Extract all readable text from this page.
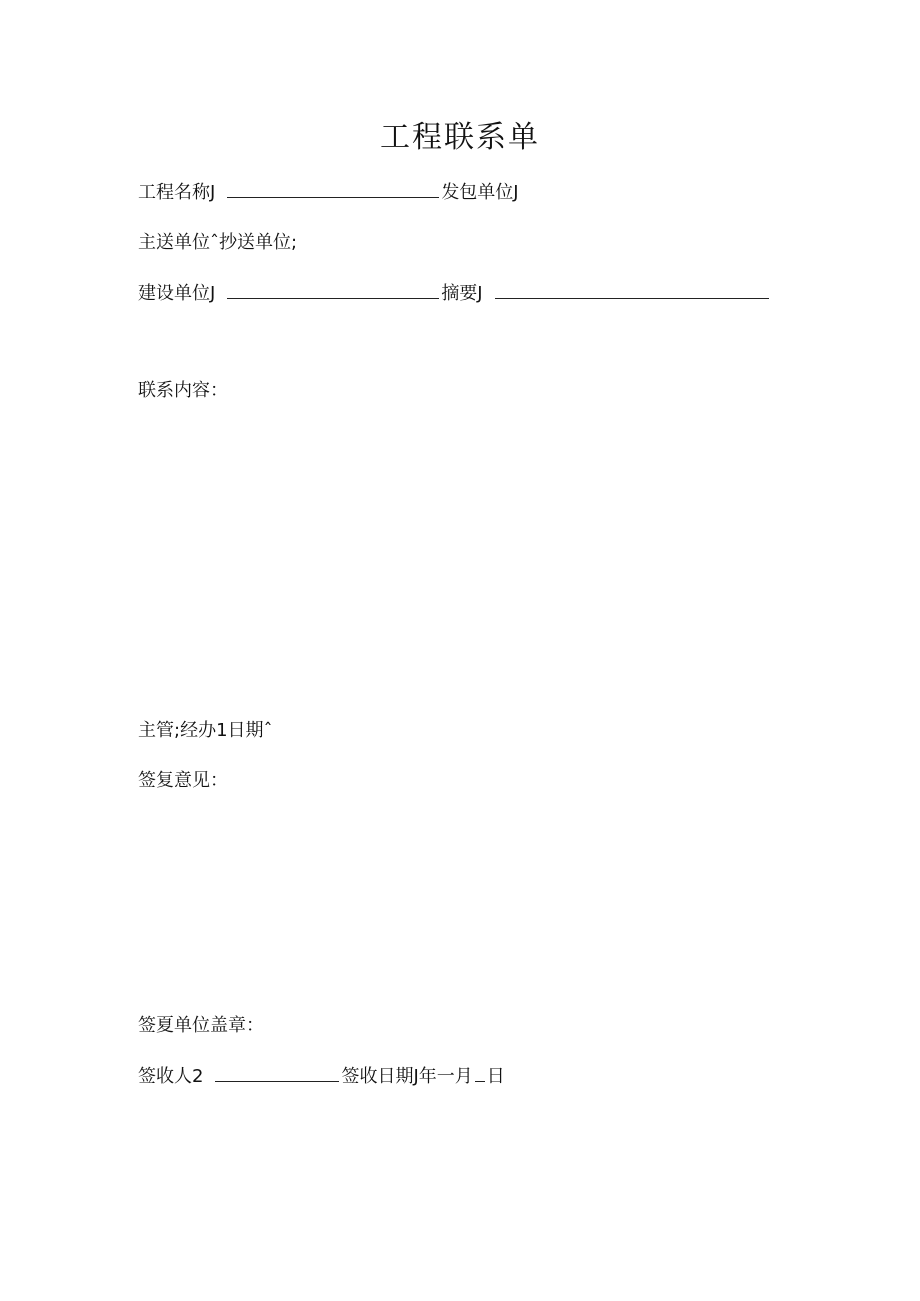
工程联系单
工程名称J	发包单位J
主送单位ˆ抄送单位;
建设单位J	摘要J
联系内容：
主管;经办 1日期ˆ
签复意见：
签夏单位盖章：
签收人2	签收日期J年一月 日
